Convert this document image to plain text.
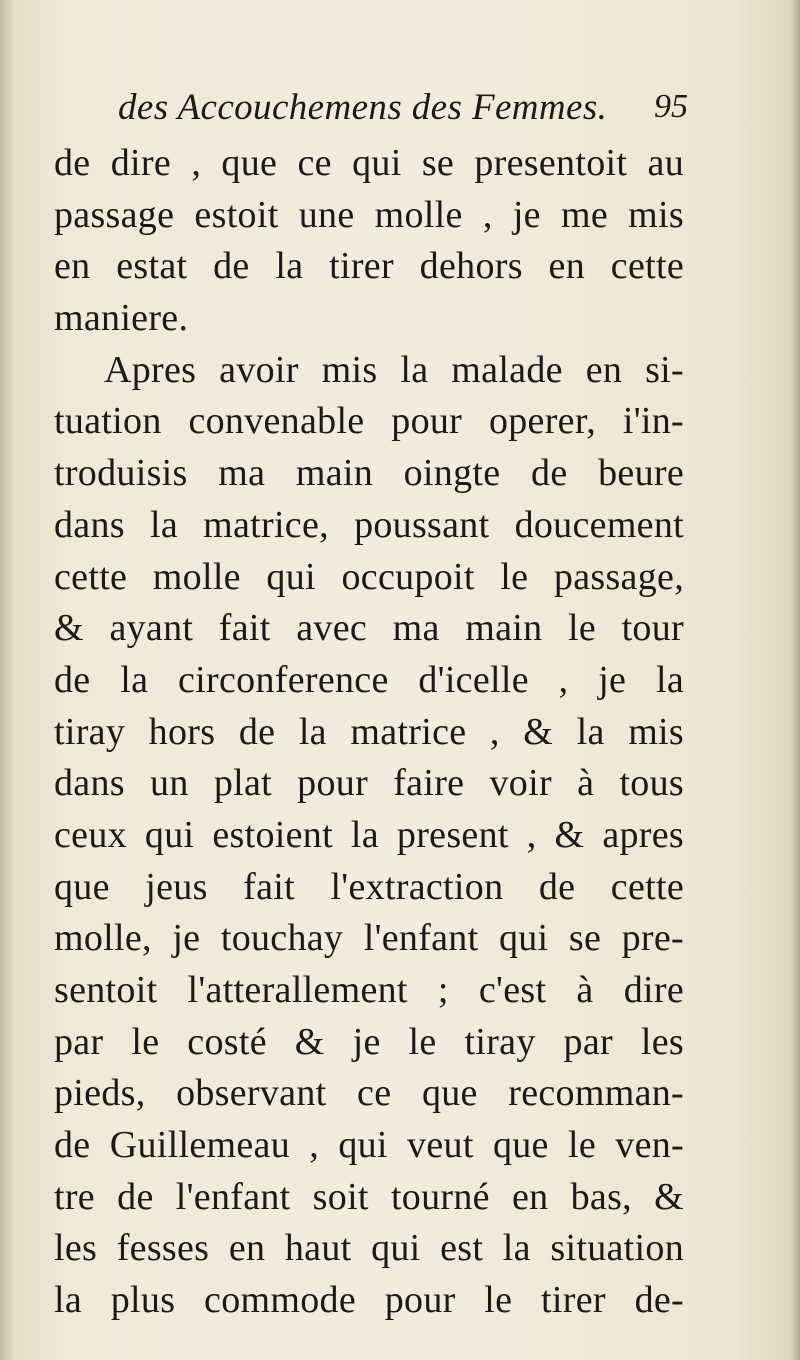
des Accouchemens des Femmes. 95
de dire , que ce qui se presentoit au
passage estoit une molle , je me mis
en estat de la tirer dehors en cette
maniere.
Apres avoir mis la malade en si-
tuation convenable pour operer, i'in-
troduisis ma main oingte de beure
dans la matrice, poussant doucement
cette molle qui occupoit le passage,
& ayant fait avec ma main le tour
de la circonference d'icelle , je la
tiray hors de la matrice , & la mis
dans un plat pour faire voir à tous
ceux qui estoient la present , & apres
que jeus fait l'extraction de cette
molle, je touchay l'enfant qui se pre-
sentoit l'atterallement ; c'est à dire
par le costé & je le tiray par les
pieds, observant ce que recomman-
de Guillemeau , qui veut que le ven-
tre de l'enfant soit tourné en bas, &
les fesses en haut qui est la situation
la plus commode pour le tirer de-
